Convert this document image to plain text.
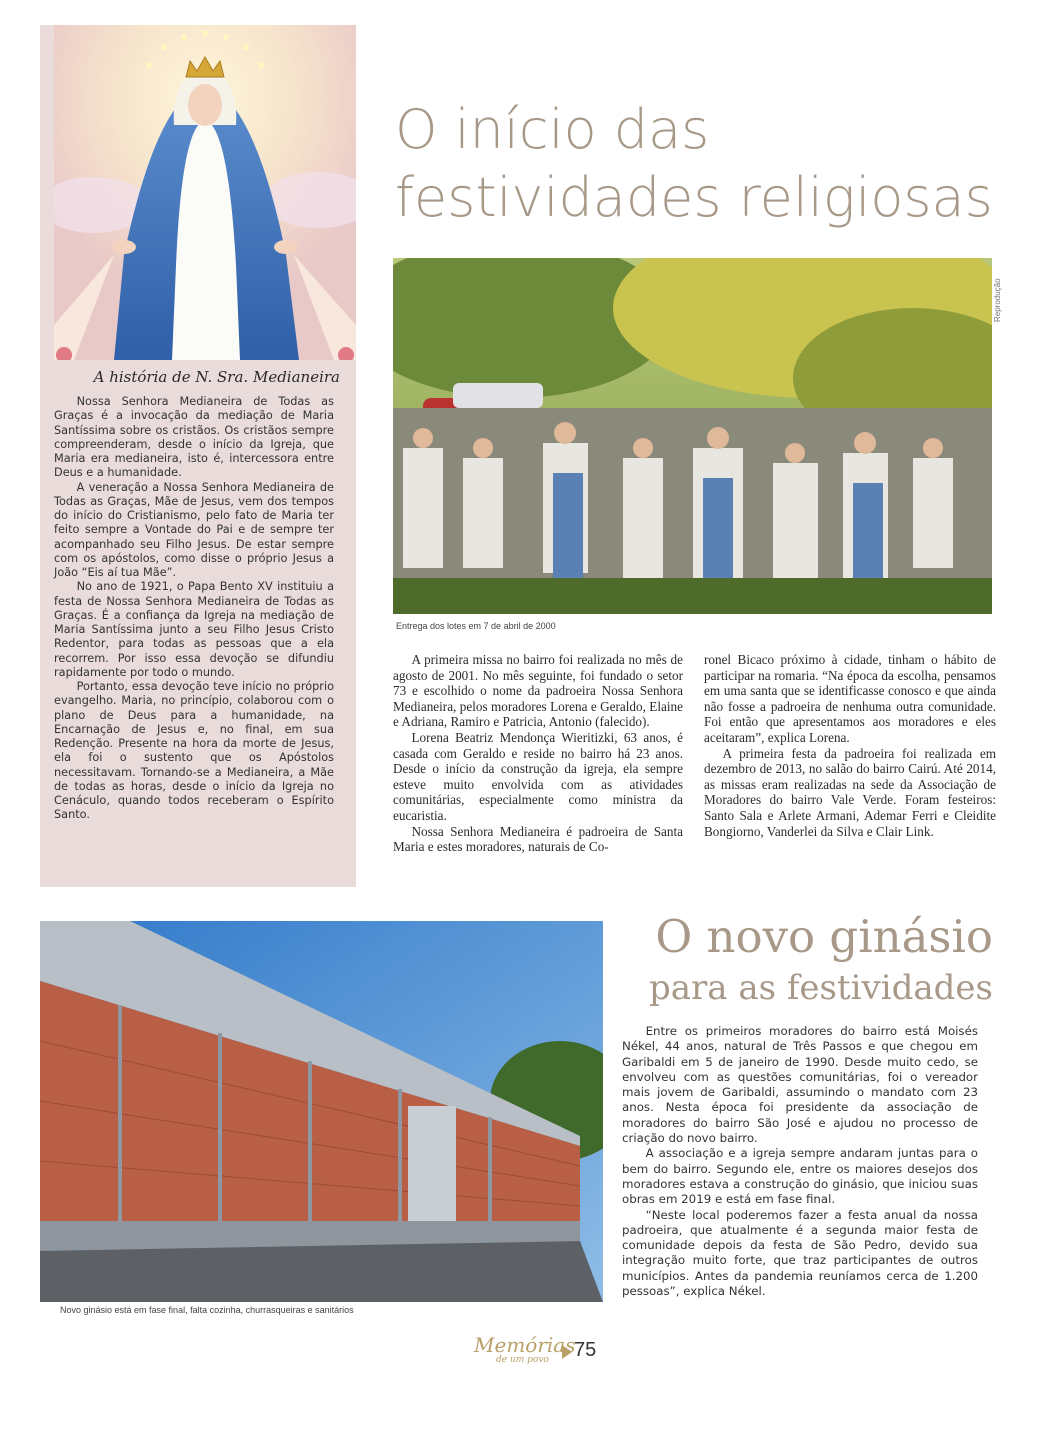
A história de N. Sra. Medianeira

Nossa Senhora Medianeira de Todas as Graças é a invocação da mediação de Maria Santíssima sobre os cristãos. Os cristãos sempre compreenderam, desde o início da Igreja, que Maria era medianeira, isto é, intercessora entre Deus e a humanidade.

A veneração a Nossa Senhora Medianeira de Todas as Graças, Mãe de Jesus, vem dos tempos do início do Cristianismo, pelo fato de Maria ter feito sempre a Vontade do Pai e de sempre ter acompanhado seu Filho Jesus. De estar sempre com os apóstolos, como disse o próprio Jesus a João “Eis aí tua Mãe”.

No ano de 1921, o Papa Bento XV instituiu a festa de Nossa Senhora Medianeira de Todas as Graças. É a confiança da Igreja na mediação de Maria Santíssima junto a seu Filho Jesus Cristo Redentor, para todas as pessoas que a ela recorrem. Por isso essa devoção se difundiu rapidamente por todo o mundo.

Portanto, essa devoção teve início no próprio evangelho. Maria, no princípio, colaborou com o plano de Deus para a humanidade, na Encarnação de Jesus e, no final, em sua Redenção. Presente na hora da morte de Jesus, ela foi o sustento que os Apóstolos necessitavam. Tornando-se a Medianeira, a Mãe de todas as horas, desde o início da Igreja no Cenáculo, quando todos receberam o Espírito Santo.

O início das
festividades religiosas
Reprodução
Entrega dos lotes em 7 de abril de 2000

A primeira missa no bairro foi realizada no mês de agosto de 2001. No mês seguinte, foi fundado o setor 73 e escolhido o nome da padroeira Nossa Senhora Medianeira, pelos moradores Lorena e Geraldo, Elaine e Adriana, Ramiro e Patricia, Antonio (falecido).

Lorena Beatriz Mendonça Wieritizki, 63 anos, é casada com Geraldo e reside no bairro há 23 anos. Desde o início da construção da igreja, ela sempre esteve muito envolvida com as atividades comunitárias, especialmente como ministra da eucaristia.

Nossa Senhora Medianeira é padroeira de Santa Maria e estes moradores, naturais de Co-

ronel Bicaco próximo à cidade, tinham o hábito de participar na romaria. “Na época da escolha, pensamos em uma santa que se identificasse conosco e que ainda não fosse a padroeira de nenhuma outra comunidade. Foi então que apresentamos aos moradores e eles aceitaram”, explica Lorena.

A primeira festa da padroeira foi realizada em dezembro de 2013, no salão do bairro Cairú. Até 2014, as missas eram realizadas na sede da Associação de Moradores do bairro Vale Verde. Foram festeiros: Santo Sala e Arlete Armani, Ademar Ferri e Cleidite Bongiorno, Vanderlei da Silva e Clair Link.

Novo ginásio está em fase final, falta cozinha, churrasqueiras e sanitários
O novo ginásio
para as festividades

Entre os primeiros moradores do bairro está Moisés Nékel, 44 anos, natural de Três Passos e que chegou em Garibaldi em 5 de janeiro de 1990. Desde muito cedo, se envolveu com as questões comunitárias, foi o vereador mais jovem de Garibaldi, assumindo o mandato com 23 anos. Nesta época foi presidente da associação de moradores do bairro São José e ajudou no processo de criação do novo bairro.

A associação e a igreja sempre andaram juntas para o bem do bairro. Segundo ele, entre os maiores desejos dos moradores estava a construção do ginásio, que iniciou suas obras em 2019 e está em fase final.

“Neste local poderemos fazer a festa anual da nossa padroeira, que atualmente é a segunda maior festa de comunidade depois da festa de São Pedro, devido sua integração muito forte, que traz participantes de outros municípios. Antes da pandemia reuníamos cerca de 1.200 pessoas”, explica Nékel.

Memórias
de um povo 75
